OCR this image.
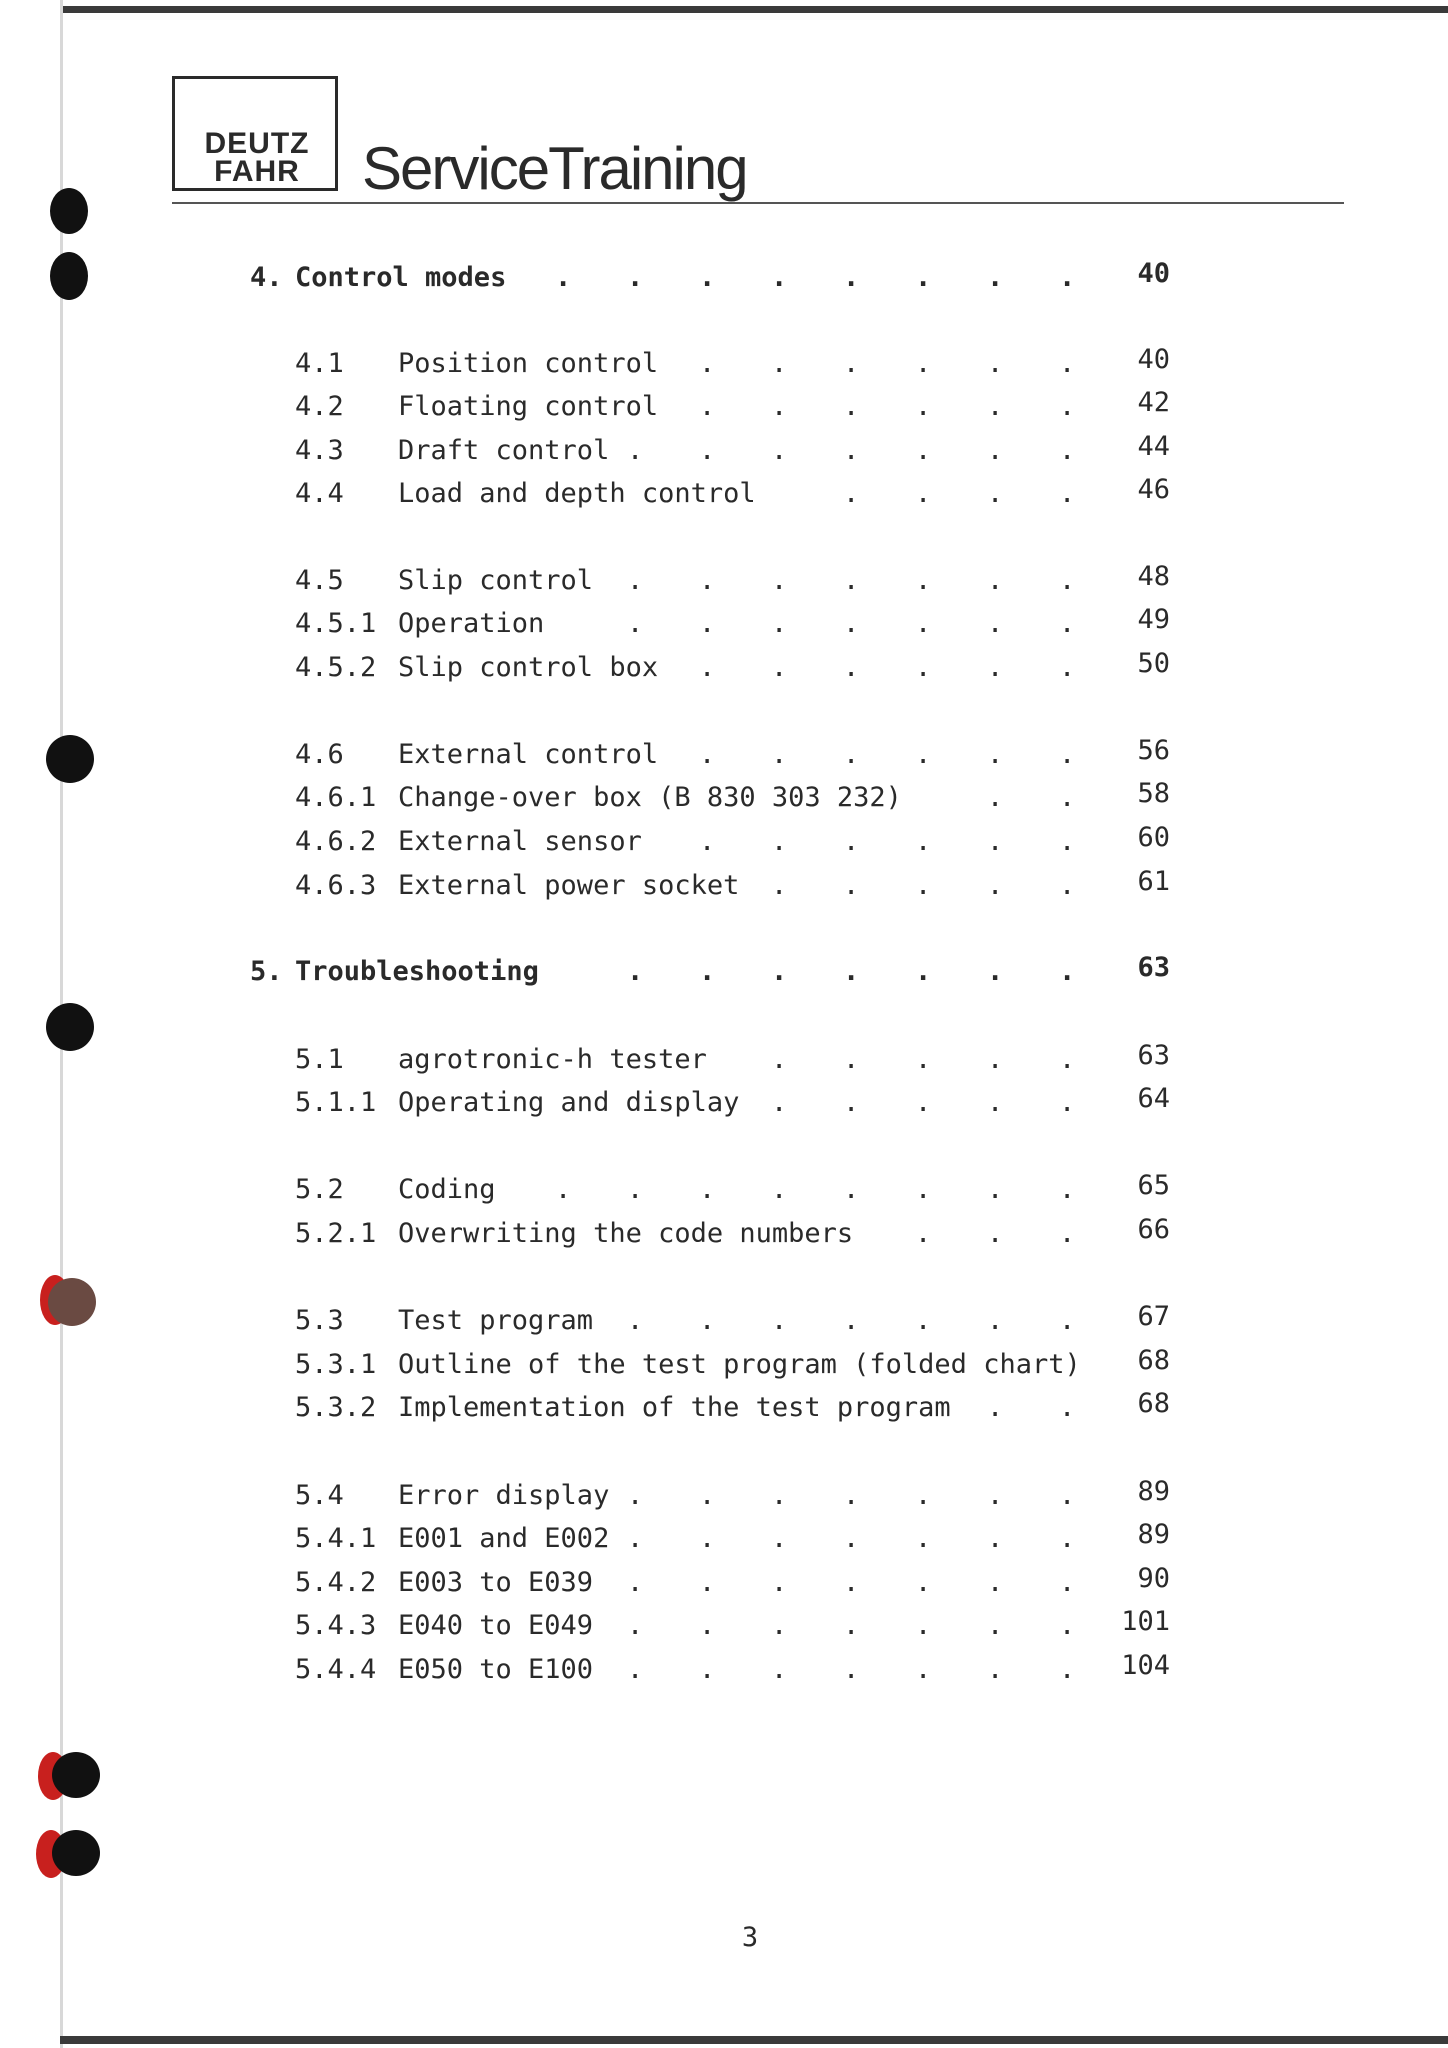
DEUTZ
FAHR	ServiceTraining
4. Control modes . . . . . . . .	40
4.1 Position control . . . . . .	40
4.2 Floating control . . . . . .	42
4.3 Draft control . . . . . . .	44
4.4 Load and depth control	. . . .	46
4.5 Slip control . . . . . . .	48
4.5.1 Operation	. . . . . . .	49
4.5.2 Slip control box . . . . . .	50
4.6 External control . . . . . .	56
4.6.1 Change-over box (B 830 303 232)	. .	58
4.6.2 External sensor . . . . . .	60
4.6.3 External power socket . . . . .	61
5. Troubleshooting	. . . . . . .	63
5.1 agrotronic-h tester . . . . .	63
5.1.1 Operating and display . . . . .	64
5.2 Coding . . . . . . . .	65
5.2.1 Overwriting the code numbers . . .	66
5.3 Test program . . . . . . .	67
5.3.1 Outline of the test program (folded chart)	68
5.3.2 Implementation of the test program . .	68
5.4 Error display . . . . . . .	89
5.4.1 E001 and E002 . . . . . . .	89
5.4.2 E003 to E039 . . . . . . .	90
5.4.3 E040 to E049 . . . . . . .	101
5.4.4 E050 to E100 . . . . . . .	104
3
